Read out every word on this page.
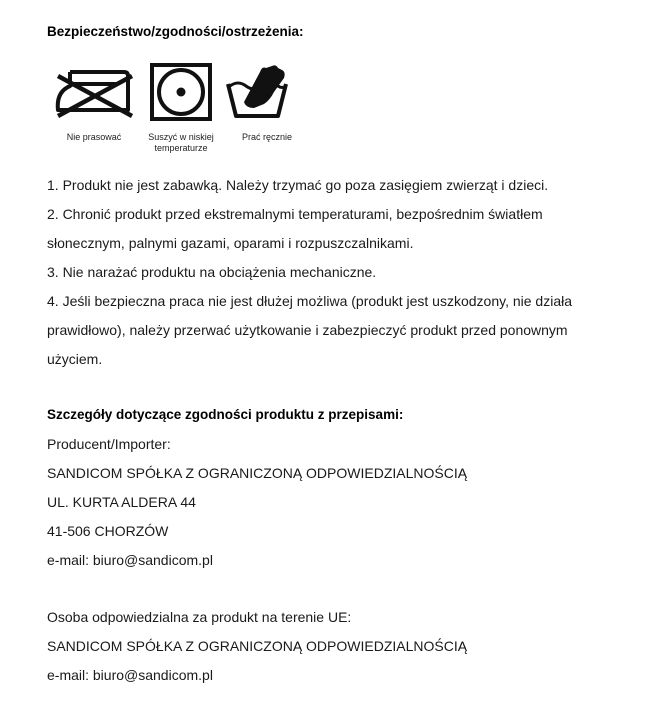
Bezpieczeństwo/zgodności/ostrzeżenia:
Nie prasować	Suszyć w niskiej
temperaturze
Prać ręcznie
1. Produkt nie jest zabawką. Należy trzymać go poza zasięgiem zwierząt i dzieci.
2. Chronić produkt przed ekstremalnymi temperaturami, bezpośrednim światłem
słonecznym, palnymi gazami, oparami i rozpuszczalnikami.
3. Nie narażać produktu na obciążenia mechaniczne.
4. Jeśli bezpieczna praca nie jest dłużej możliwa (produkt jest uszkodzony, nie działa
prawidłowo), należy przerwać użytkowanie i zabezpieczyć produkt przed ponownym
użyciem.
Szczegóły dotyczące zgodności produktu z przepisami:
Producent/Importer:
SANDICOM SPÓŁKA Z OGRANICZONĄ ODPOWIEDZIALNOŚCIĄ
UL. KURTA ALDERA 44
41-506 CHORZÓW
e-mail: biuro@sandicom.pl
Osoba odpowiedzialna za produkt na terenie UE:
SANDICOM SPÓŁKA Z OGRANICZONĄ ODPOWIEDZIALNOŚCIĄ
e-mail: biuro@sandicom.pl
